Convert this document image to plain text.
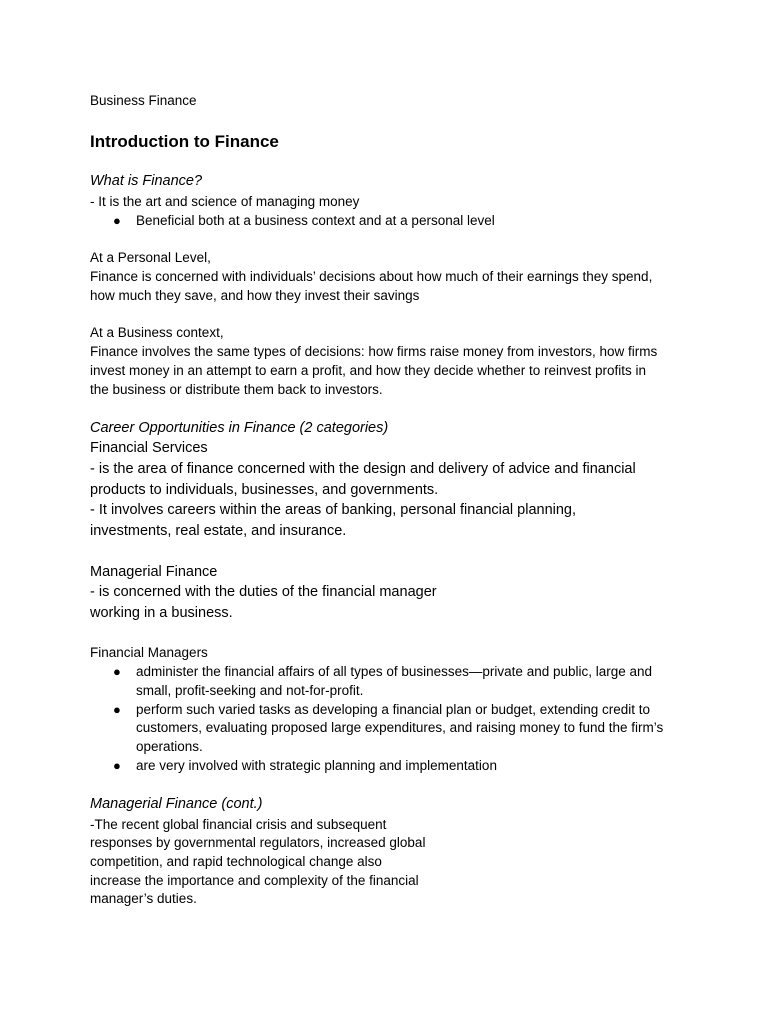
Business Finance
Introduction to Finance
What is Finance?
- It is the art and science of managing money
● Beneficial both at a business context and at a personal level
At a Personal Level,
Finance is concerned with individuals’ decisions about how much of their earnings they spend,
how much they save, and how they invest their savings
At a Business context,
Finance involves the same types of decisions: how firms raise money from investors, how firms
invest money in an attempt to earn a profit, and how they decide whether to reinvest profits in
the business or distribute them back to investors.
Career Opportunities in Finance (2 categories)
Financial Services
- is the area of finance concerned with the design and delivery of advice and financial
products to individuals, businesses, and governments.
- It involves careers within the areas of banking, personal financial planning,
investments, real estate, and insurance.
Managerial Finance
- is concerned with the duties of the financial manager
working in a business.
Financial Managers
● administer the financial affairs of all types of businesses—private and public, large and
small, profit-seeking and not-for-profit.
● perform such varied tasks as developing a financial plan or budget, extending credit to
customers, evaluating proposed large expenditures, and raising money to fund the firm’s
operations.
● are very involved with strategic planning and implementation
Managerial Finance (cont.)
-The recent global financial crisis and subsequent
responses by governmental regulators, increased global
competition, and rapid technological change also
increase the importance and complexity of the financial
manager’s duties.
